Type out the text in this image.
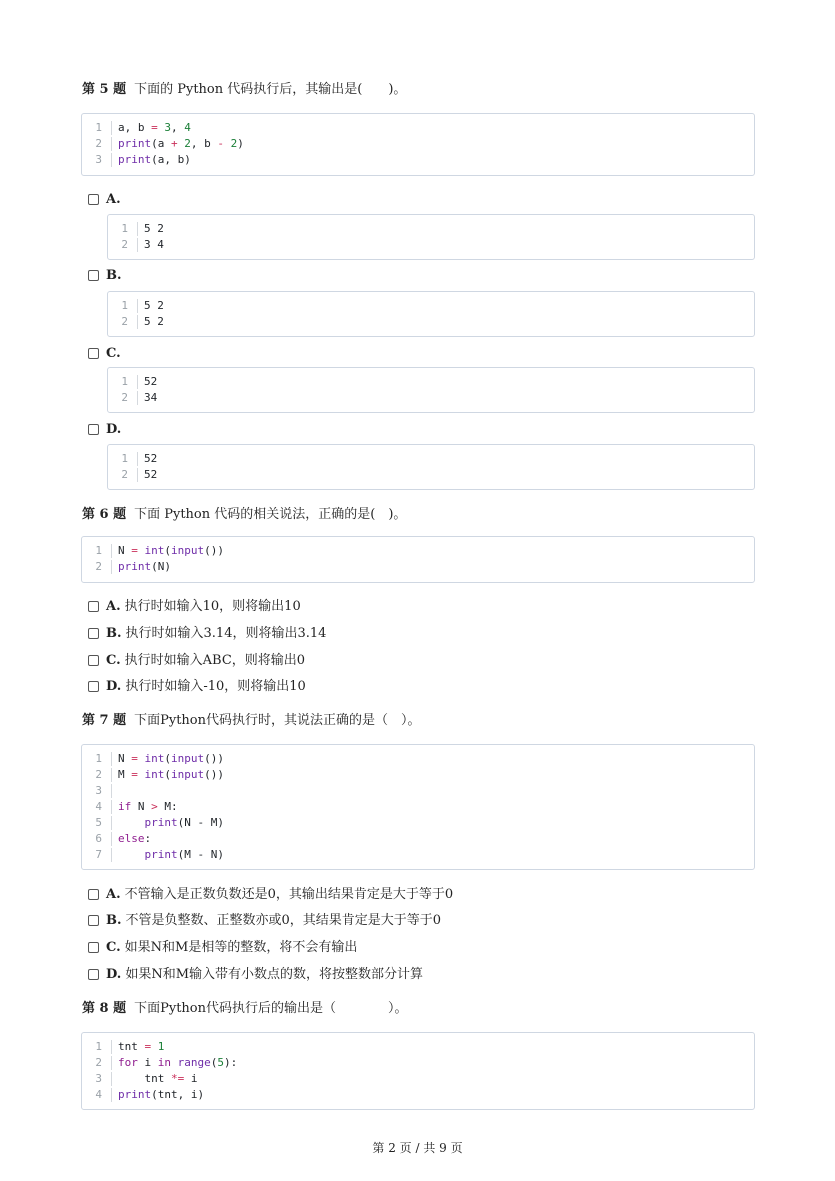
第 5 题 下面的 Python 代码执行后，其输出是(　　)。
1 a, b = 3, 4
2 print(a + 2, b - 2)
3 print(a, b)
A.
1 5 2
2 3 4
B.
1 5 2
2 5 2
C.
1 52
2 34
D.
1 52
2 52
第 6 题 下面 Python 代码的相关说法，正确的是(　)。
1 N = int(input())
2 print(N)
A. 执行时如输入10，则将输出10
B. 执行时如输入3.14，则将输出3.14
C. 执行时如输入ABC，则将输出0
D. 执行时如输入-10，则将输出10
第 7 题 下面Python代码执行时，其说法正确的是（　）。
1 N = int(input())
2 M = int(input())
3
4 if N > M:
5	print(N - M)
6 else:
7	print(M - N)
A. 不管输入是正数负数还是0，其输出结果肯定是大于等于0
B. 不管是负整数、正整数亦或0，其结果肯定是大于等于0
C. 如果N和M是相等的整数，将不会有输出
D. 如果N和M输入带有小数点的数，将按整数部分计算
第 8 题 下面Python代码执行后的输出是（　　　　）。
1 tnt = 1
2 for i in range(5):
3 tnt *= i
4 print(tnt, i)
第 2 页 / 共 9 页
